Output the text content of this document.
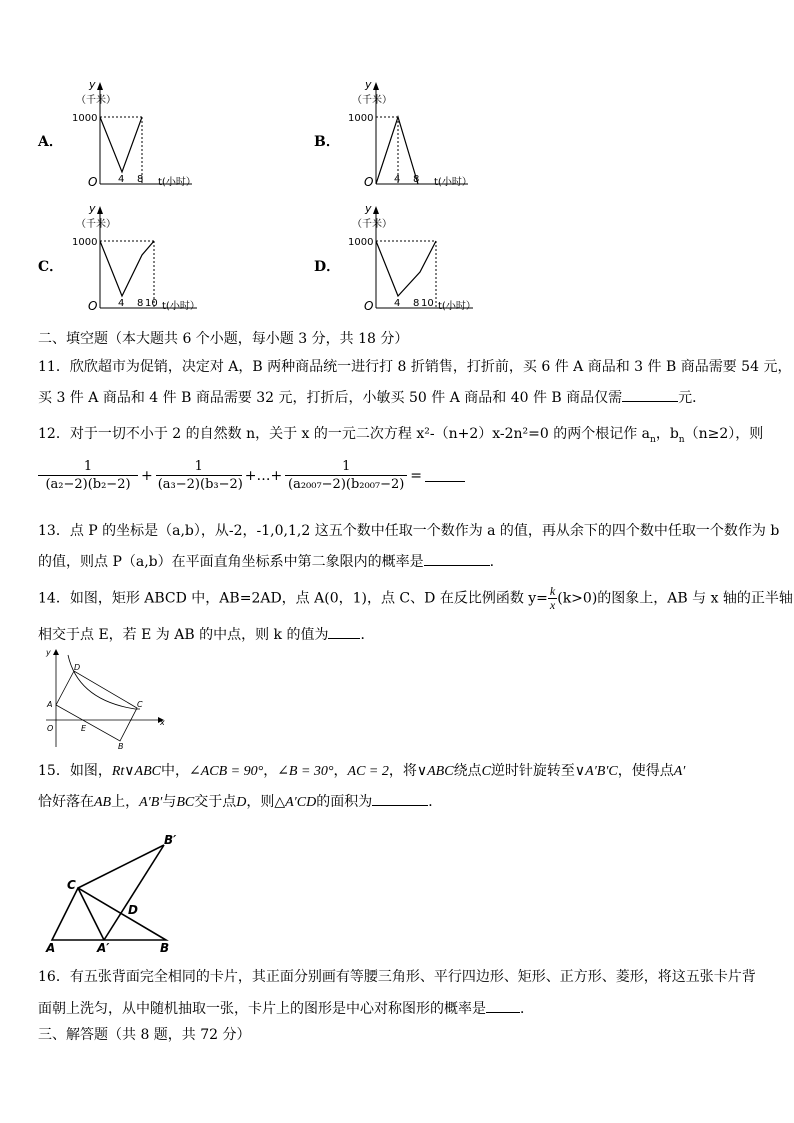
A．
y
（千米）
1000
O 4 8 t(小时）
B．
y
（千米）
1000
O 4 8 t(小时）
C．
y
（千米）
1000
O 4 8 10 t(小时）
D．
y
（千米）
1000
O 4 8 10 t(小时）
二、填空题（本大题共 6 个小题，每小题 3 分，共 18 分）
11．欣欣超市为促销，决定对 A，B 两种商品统一进行打 8 折销售，打折前，买 6 件 A 商品和 3 件 B 商品需要 54 元，
买 3 件 A 商品和 4 件 B 商品需要 32 元，打折后，小敏买 50 件 A 商品和 40 件 B 商品仅需	元．
12．对于一切不小于 2 的自然数 n，关于 x 的一元二次方程 x²-（n+2）x-2n²=0 的两个根记作 $a_n$，$b_n(n\ge 2)$，则
$\frac{1}{\text{(a₂−2)(b₂−2)}} + \frac{1}{\text{(a₃−2)(b₃−2)}}$ +…+ $\frac{1}{\text{(a₂₀₀₇−2)(b₂₀₀₇−2)}}$ =
13．点 P 的坐标是（a,b），从-2，-1,0,1,2 这五个数中任取一个数作为 a 的值，再从余下的四个数中任取一个数作为 b
的值，则点 P（a,b）在平面直角坐标系中第二象限内的概率是	.
14．如图，矩形 ABCD 中，AB=2AD，点 A(0，1)，点 C、D 在反比例函数 $y= \frac{k}{x} (k>0)$的图象上，AB 与 x 轴的正半轴
相交于点 E，若 E 为 AB 的中点，则 k 的值为 ．
y
x
D
C
A
O	E
B
15．如图，Rt∨ABC中，∠ACB = 90°，∠B = 30°，AC = 2，将∨ABC绕点C逆时针旋转至∨A′B′C，使得点A′
恰好落在AB上，A′B′与BC交于点D，则△A′CD的面积为	．
B′
C
D
A	A′	B
16．有五张背面完全相同的卡片，其正面分别画有等腰三角形、平行四边形、矩形、正方形、菱形，将这五张卡片背
面朝上洗匀，从中随机抽取一张，卡片上的图形是中心对称图形的概率是 ．
三、解答题（共 8 题，共 72 分）
